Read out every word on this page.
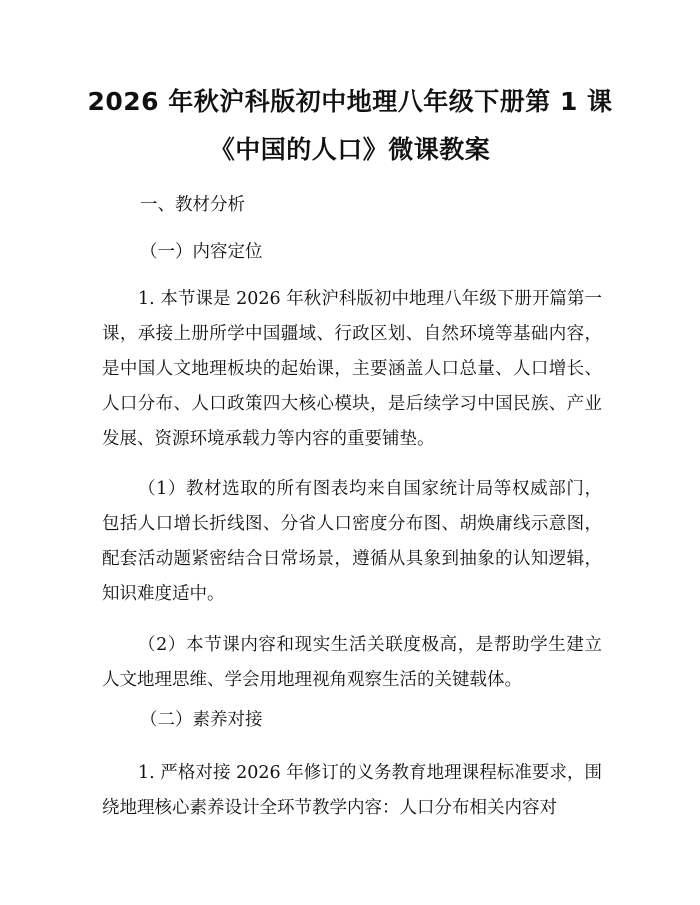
2026 年秋沪科版初中地理八年级下册第 1 课
《中国的人口》微课教案
一、教材分析
（一）内容定位

1. 本节课是 2026 年秋沪科版初中地理八年级下册开篇第一课，承接上册所学中国疆域、行政区划、自然环境等基础内容，是中国人文地理板块的起始课，主要涵盖人口总量、人口增长、人口分布、人口政策四大核心模块，是后续学习中国民族、产业发展、资源环境承载力等内容的重要铺垫。

（1）教材选取的所有图表均来自国家统计局等权威部门，包括人口增长折线图、分省人口密度分布图、胡焕庸线示意图，配套活动题紧密结合日常场景，遵循从具象到抽象的认知逻辑，知识难度适中。

（2）本节课内容和现实生活关联度极高，是帮助学生建立人文地理思维、学会用地理视角观察生活的关键载体。

（二）素养对接

1. 严格对接 2026 年修订的义务教育地理课程标准要求，围绕地理核心素养设计全环节教学内容：人口分布相关内容对
